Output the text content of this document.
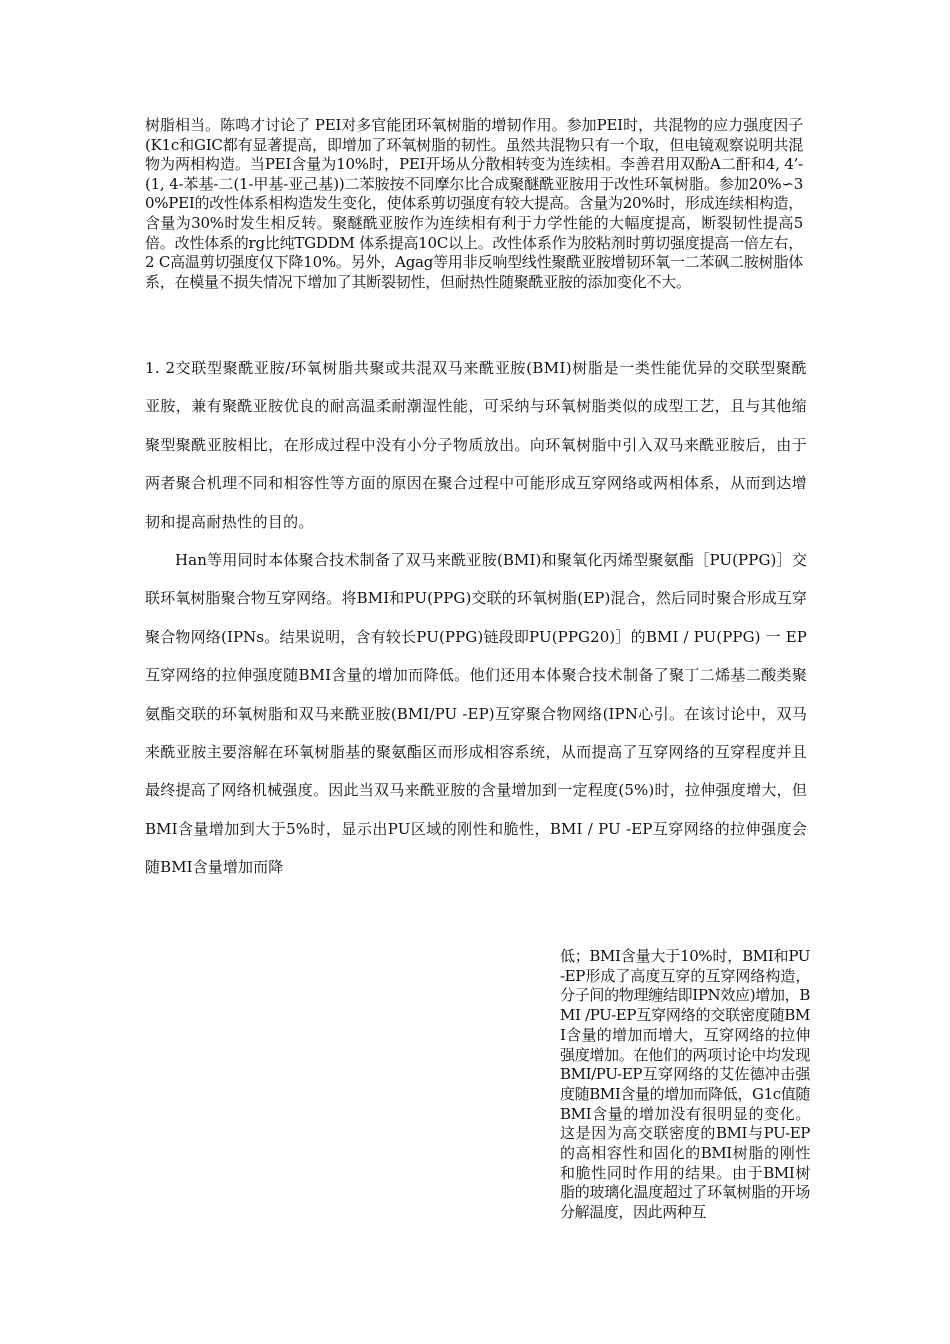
树脂相当。陈鸣才讨论了 PEI对多官能团环氧树脂的增韧作用。参加PEI时，共混物的应力强度因子(K1c和GIC都有显著提高，即增加了环氧树脂的韧性。虽然共混物只有一个取，但电镜观察说明共混物为两相构造。当PEI含量为10%时，PEI开场从分散相转变为连续相。李善君用双酚A二酐和4, 4’-(1, 4-苯基-二(1-甲基-亚己基))二苯胺按不同摩尔比合成聚醚酰亚胺用于改性环氧树脂。参加20%∽30%PEI的改性体系相构造发生变化，使体系剪切强度有较大提高。含量为20%时，形成连续相构造，含量为30%时发生相反转。聚醚酰亚胺作为连续相有利于力学性能的大幅度提高，断裂韧性提高5倍。改性体系的rg比纯TGDDM 体系提高10C以上。改性体系作为胶粘剂时剪切强度提高一倍左右，2 C高温剪切强度仅下降10%。另外，Agag等用非反响型线性聚酰亚胺增韧环氧一二苯砜二胺树脂体系，在模量不损失情况下增加了其断裂韧性，但耐热性随聚酰亚胺的添加变化不大。

1. 2交联型聚酰亚胺/环氧树脂共聚或共混双马来酰亚胺(BMI)树脂是一类性能优异的交联型聚酰亚胺，兼有聚酰亚胺优良的耐高温柔耐潮湿性能，可采纳与环氧树脂类似的成型工艺，且与其他缩聚型聚酰亚胺相比，在形成过程中没有小分子物质放出。向环氧树脂中引入双马来酰亚胺后，由于两者聚合机理不同和相容性等方面的原因在聚合过程中可能形成互穿网络或两相体系，从而到达增韧和提高耐热性的目的。

Han等用同时本体聚合技术制备了双马来酰亚胺(BMI)和聚氧化丙烯型聚氨酯［PU(PPG)］交联环氧树脂聚合物互穿网络。将BMI和PU(PPG)交联的环氧树脂(EP)混合，然后同时聚合形成互穿聚合物网络(IPNs。结果说明，含有较长PU(PPG)链段即PU(PPG20)］的BMI / PU(PPG) 一 EP互穿网络的拉伸强度随BMI含量的增加而降低。他们还用本体聚合技术制备了聚丁二烯基二酸类聚氨酯交联的环氧树脂和双马来酰亚胺(BMI/PU -EP)互穿聚合物网络(IPN心引。在该讨论中，双马来酰亚胺主要溶解在环氧树脂基的聚氨酯区而形成相容系统，从而提高了互穿网络的互穿程度并且最终提高了网络机械强度。因此当双马来酰亚胺的含量增加到一定程度(5%)时，拉伸强度增大，但BMI含量增加到大于5%时，显示出PU区域的刚性和脆性，BMI / PU -EP互穿网络的拉伸强度会随BMI含量增加而降

低；BMI含量大于10%时，BMI和PU-EP形成了高度互穿的互穿网络构造，分子间的物理缠结即IPN效应)增加，BMI /PU-EP互穿网络的交联密度随BMI含量的增加而增大，互穿网络的拉伸强度增加。在他们的两项讨论中均发现BMI/PU-EP互穿网络的艾佐德冲击强度随BMI含量的增加而降低，G1c值随BMI含量的增加没有很明显的变化。这是因为高交联密度的BMI与PU-EP的高相容性和固化的BMI树脂的刚性和脆性同时作用的结果。由于BMI树脂的玻璃化温度超过了环氧树脂的开场分解温度，因此两种互
